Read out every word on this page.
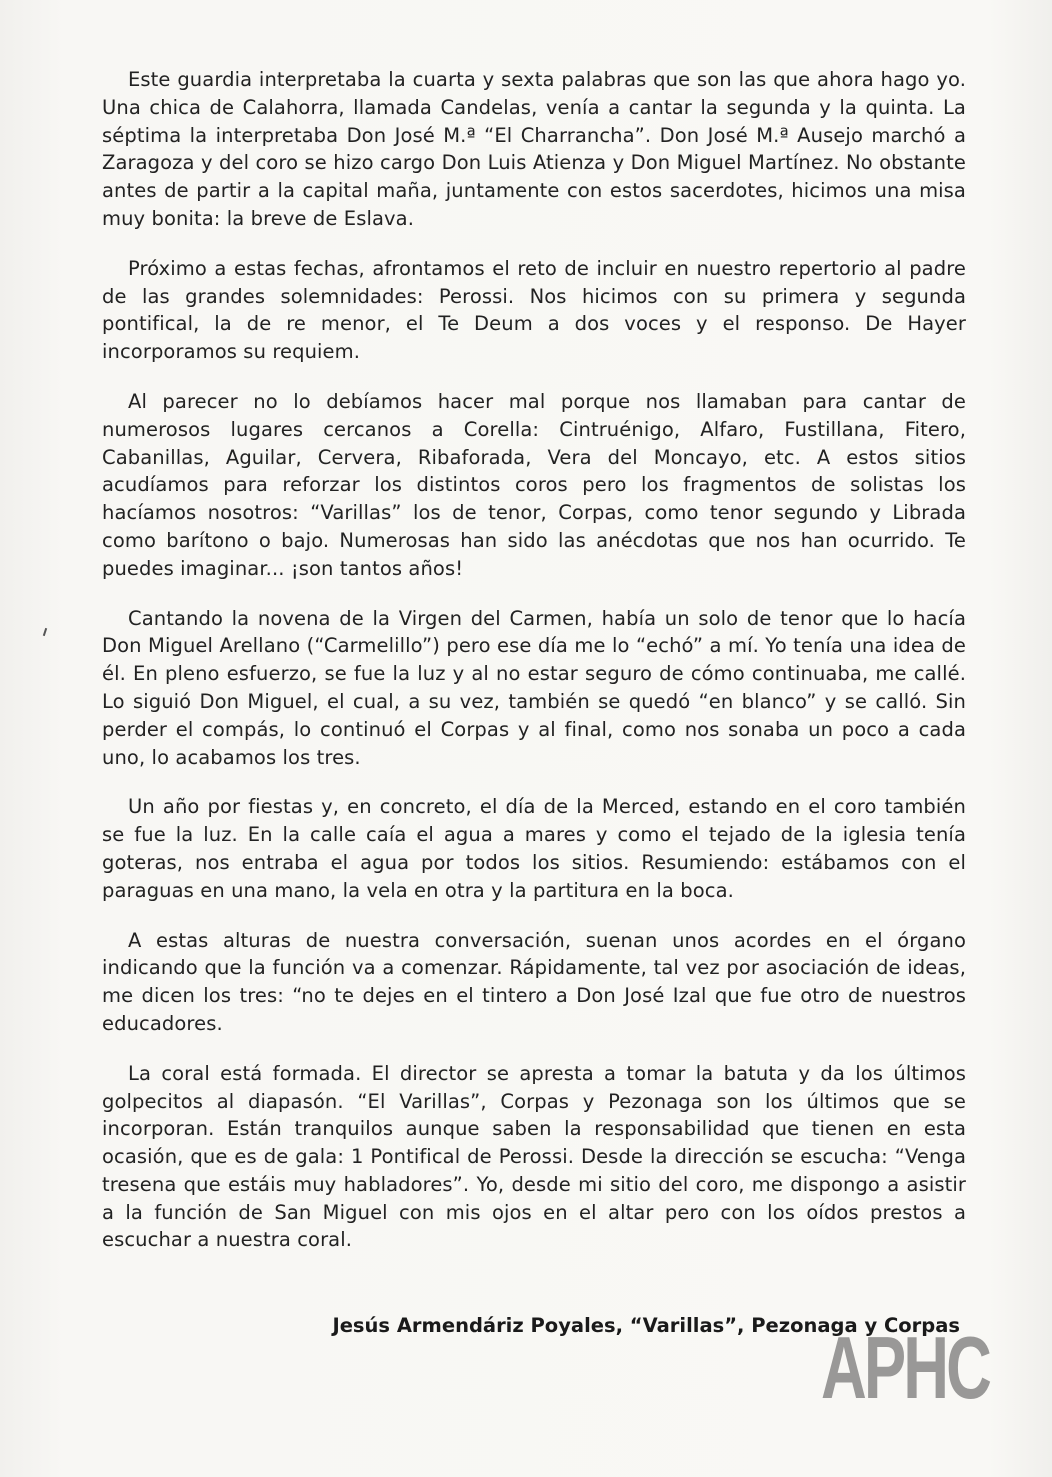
Este guardia interpretaba la cuarta y sexta palabras que son las que ahora hago yo. Una chica de Calahorra, llamada Candelas, venía a cantar la segunda y la quinta. La séptima la interpretaba Don José M.ª “El Charrancha”. Don José M.ª Ausejo marchó a Zaragoza y del coro se hizo cargo Don Luis Atienza y Don Miguel Martínez. No obstante antes de partir a la capital maña, juntamente con estos sacerdotes, hicimos una misa muy bonita: la breve de Eslava.

Próximo a estas fechas, afrontamos el reto de incluir en nuestro repertorio al padre de las grandes solemnidades: Perossi. Nos hicimos con su primera y segunda pontifical, la de re menor, el Te Deum a dos voces y el responso. De Hayer incorporamos su requiem.

Al parecer no lo debíamos hacer mal porque nos llamaban para cantar de numerosos lugares cercanos a Corella: Cintruénigo, Alfaro, Fustillana, Fitero, Cabanillas, Aguilar, Cervera, Ribaforada, Vera del Moncayo, etc. A estos sitios acudíamos para reforzar los distintos coros pero los fragmentos de solistas los hacíamos nosotros: “Varillas” los de tenor, Corpas, como tenor segundo y Librada como barítono o bajo. Numerosas han sido las anécdotas que nos han ocurrido. Te puedes imaginar... ¡son tantos años!

Cantando la novena de la Virgen del Carmen, había un solo de tenor que lo hacía Don Miguel Arellano (“Carmelillo”) pero ese día me lo “echó” a mí. Yo tenía una idea de él. En pleno esfuerzo, se fue la luz y al no estar seguro de cómo continuaba, me callé. Lo siguió Don Miguel, el cual, a su vez, también se quedó “en blanco” y se calló. Sin perder el compás, lo continuó el Corpas y al final, como nos sonaba un poco a cada uno, lo acabamos los tres.

Un año por fiestas y, en concreto, el día de la Merced, estando en el coro también se fue la luz. En la calle caía el agua a mares y como el tejado de la iglesia tenía goteras, nos entraba el agua por todos los sitios. Resumiendo: estábamos con el paraguas en una mano, la vela en otra y la partitura en la boca.

A estas alturas de nuestra conversación, suenan unos acordes en el órgano indicando que la función va a comenzar. Rápidamente, tal vez por asociación de ideas, me dicen los tres: “no te dejes en el tintero a Don José Izal que fue otro de nuestros educadores.

La coral está formada. El director se apresta a tomar la batuta y da los últimos golpecitos al diapasón. “El Varillas”, Corpas y Pezonaga son los últimos que se incorporan. Están tranquilos aunque saben la responsabilidad que tienen en esta ocasión, que es de gala: 1 Pontifical de Perossi. Desde la dirección se escucha: “Venga tresena que estáis muy habladores”. Yo, desde mi sitio del coro, me dispongo a asistir a la función de San Miguel con mis ojos en el altar pero con los oídos prestos a escuchar a nuestra coral.

Jesús Armendáriz Poyales, “Varillas”, Pezonaga y Corpas
APHC
